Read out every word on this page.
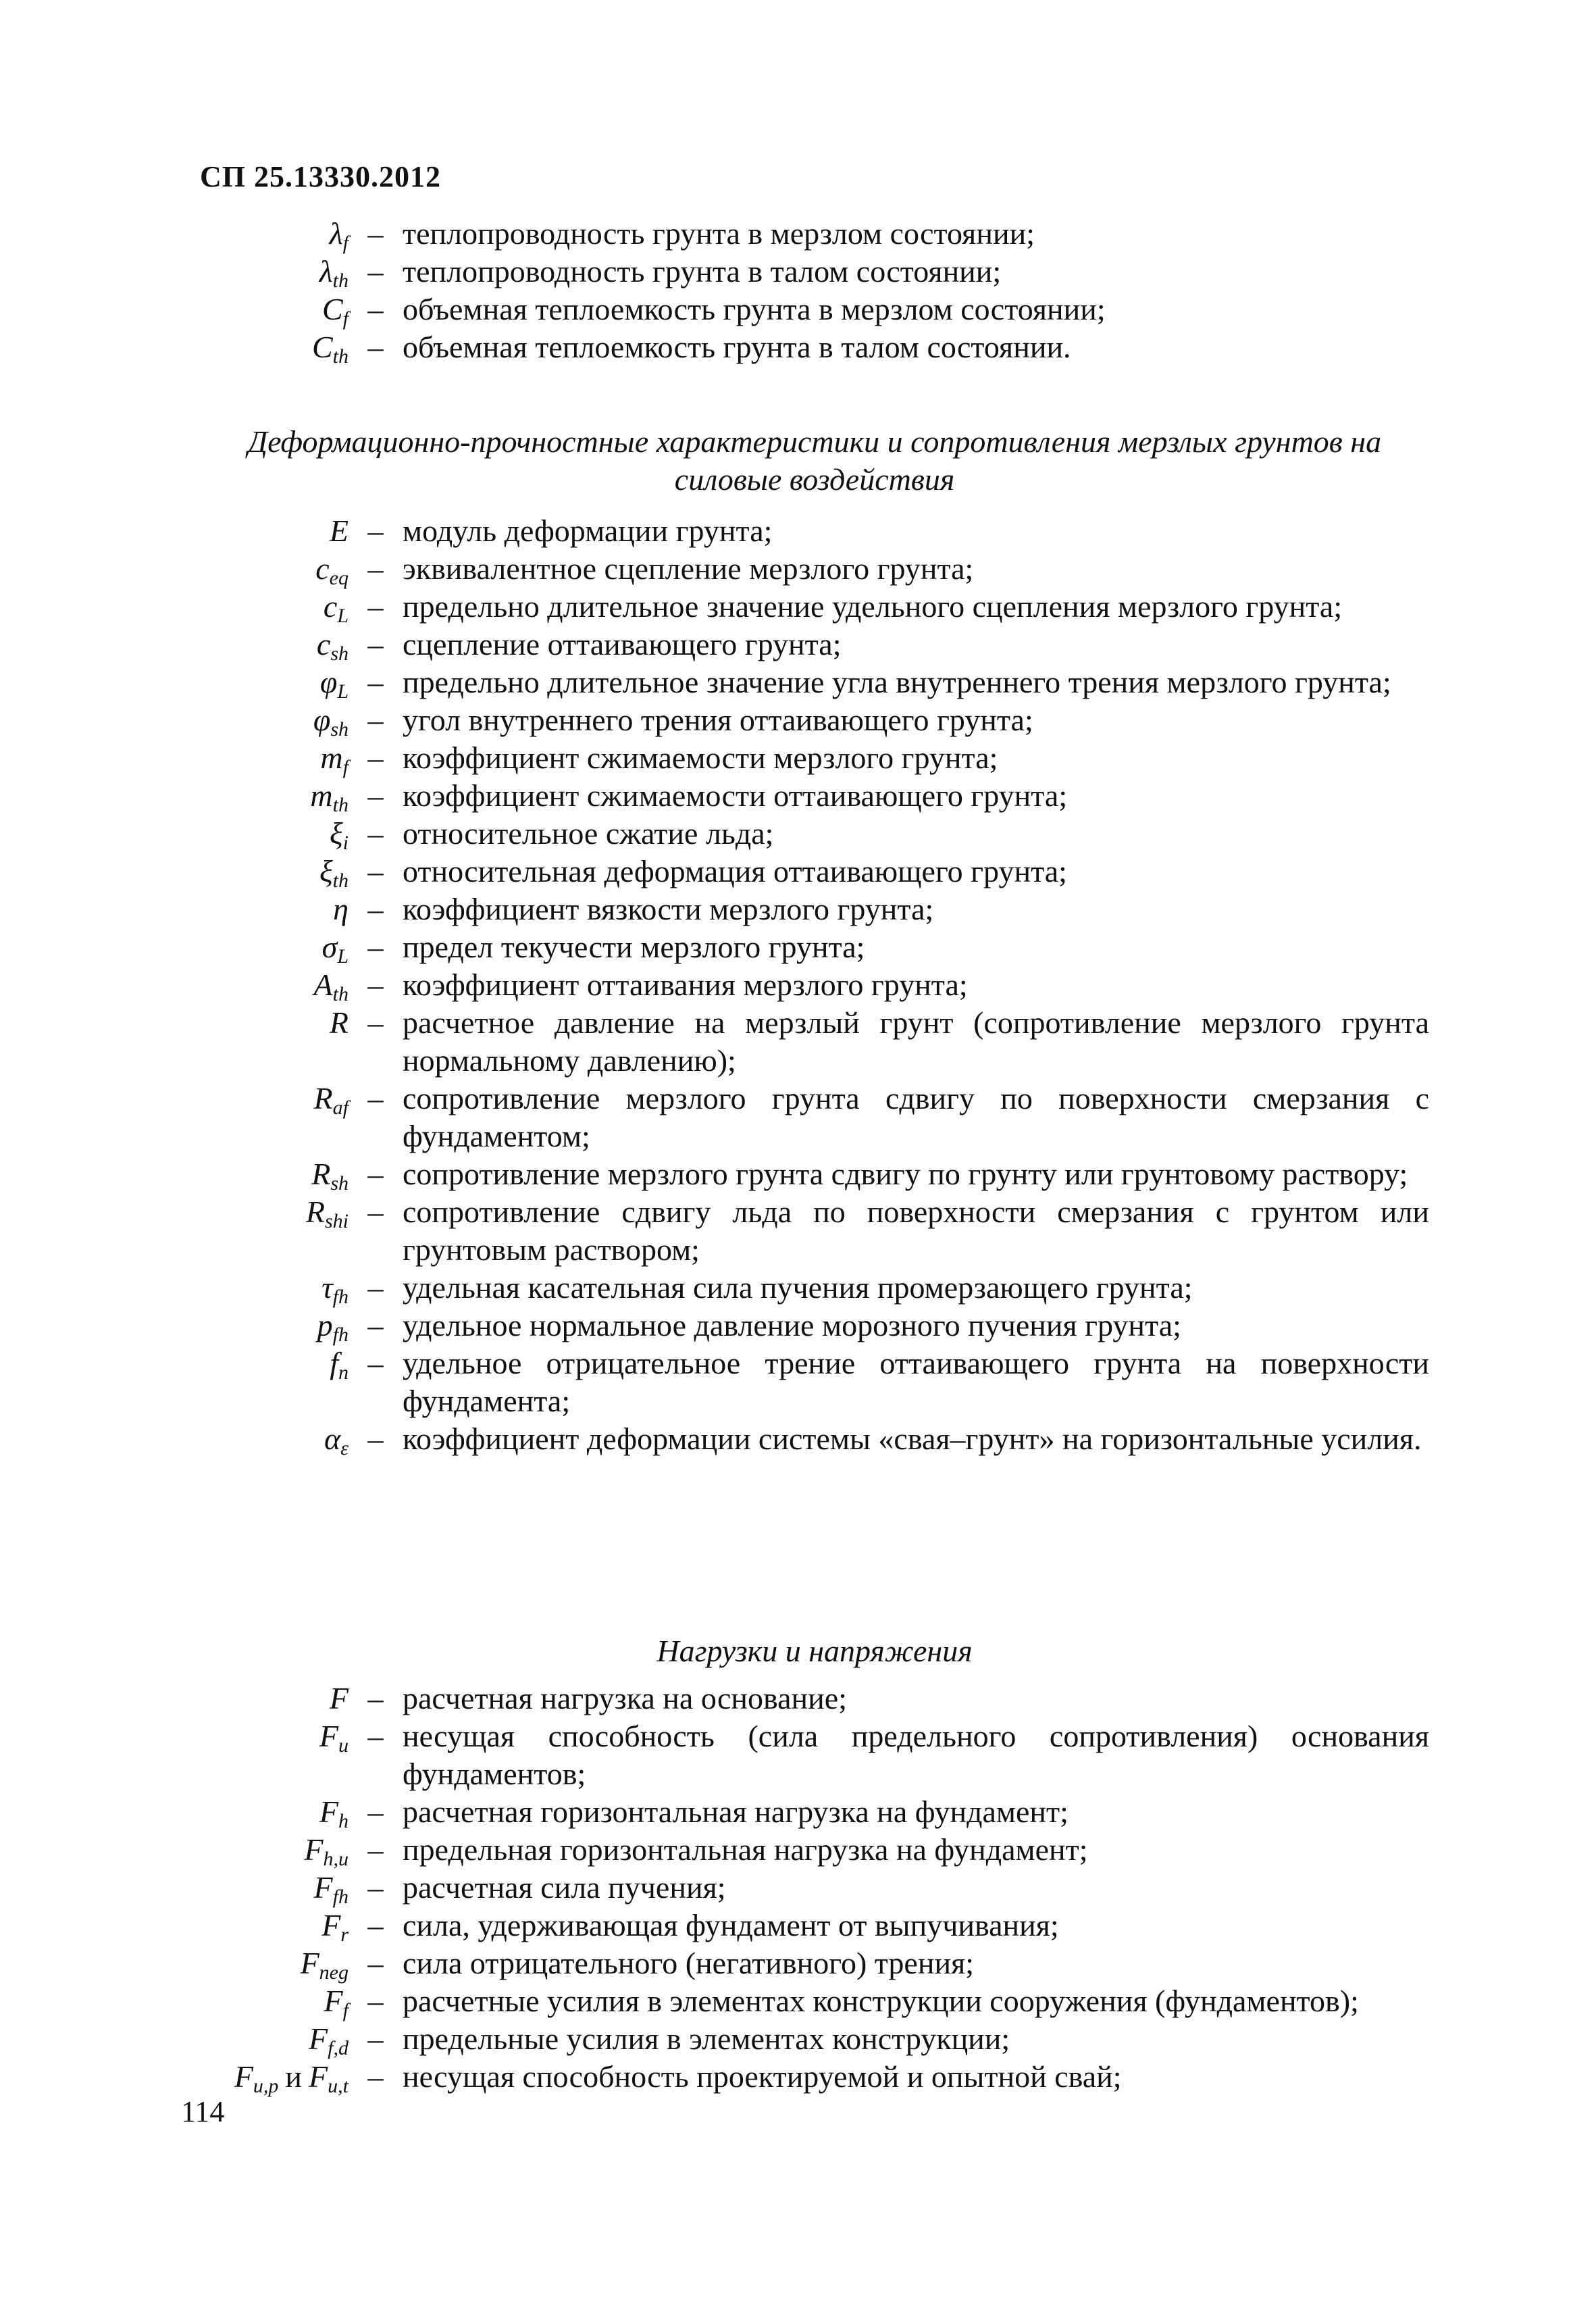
СП 25.13330.2012
$\lambda_f$ – теплопроводность грунта в мерзлом состоянии;
$\lambda_{th}$ – теплопроводность грунта в талом состоянии;
$C_f$ – объемная теплоемкость грунта в мерзлом состоянии;
$C_{th}$ – объемная теплоемкость грунта в талом состоянии.
Деформационно-прочностные характеристики и сопротивления мерзлых грунтов на
силовые воздействия
E – модуль деформации грунта;
$c_{eq}$ – эквивалентное сцепление мерзлого грунта;
$c_L$ – предельно длительное значение удельного сцепления мерзлого грунта;
$c_{sh}$ – сцепление оттаивающего грунта;
$\varphi_L$ – предельно длительное значение угла внутреннего трения мерзлого грунта;
$\varphi_{sh}$ – угол внутреннего трения оттаивающего грунта;
$m_f$ – коэффициент сжимаемости мерзлого грунта;
$m_{th}$ – коэффициент сжимаемости оттаивающего грунта;
$\xi_i$ – относительное сжатие льда;
$\xi_{th}$ – относительная деформация оттаивающего грунта;
η – коэффициент вязкости мерзлого грунта;
$\sigma_L$ – предел текучести мерзлого грунта;
$A_{th}$ – коэффициент оттаивания мерзлого грунта;
R – расчетное давление на мерзлый грунт (сопротивление мерзлого грунта нормальному давлению);
$R_{af}$ – сопротивление мерзлого грунта сдвигу по поверхности смерзания с фундаментом;
$R_{sh}$ – сопротивление мерзлого грунта сдвигу по грунту или грунтовому раствору;
$R_{shi}$ – сопротивление сдвигу льда по поверхности смерзания с грунтом или грунтовым раствором;
$\tau_{fh}$ – удельная касательная сила пучения промерзающего грунта;
$p_{fh}$ – удельное нормальное давление морозного пучения грунта;
$f_n$ – удельное отрицательное трение оттаивающего грунта на поверхности фундамента;
$\alpha_\varepsilon$ – коэффициент деформации системы «свая–грунт» на горизонтальные усилия.
Нагрузки и напряжения
F – расчетная нагрузка на основание;
$F_u$ – несущая способность (сила предельного сопротивления) основания фундаментов;
$F_h$ – расчетная горизонтальная нагрузка на фундамент;
$F_{h,u}$ – предельная горизонтальная нагрузка на фундамент;
$F_{fh}$ – расчетная сила пучения;
$F_r$ – сила, удерживающая фундамент от выпучивания;
$F_{neg}$ – сила отрицательного (негативного) трения;
$F_f$ – расчетные усилия в элементах конструкции сооружения (фундаментов);
$F_{f,d}$ – предельные усилия в элементах конструкции;
$F_{u,p}$ и $F_{u,t}$ – несущая способность проектируемой и опытной свай;
114
